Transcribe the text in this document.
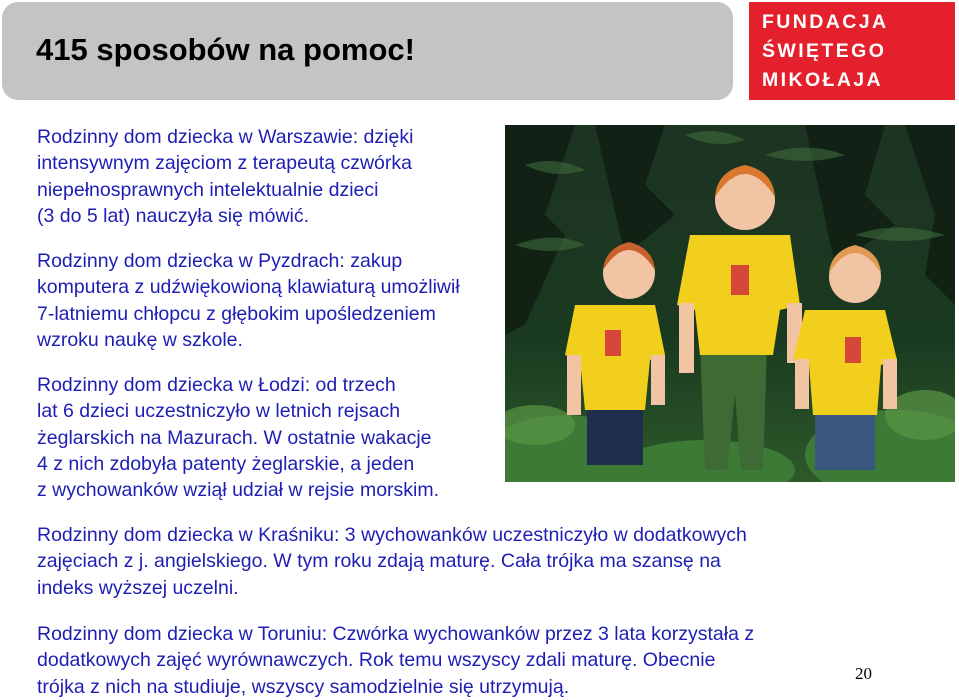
415 sposobów na pomoc!
FUNDACJA
ŚWIĘTEGO
MIKOŁAJA
Rodzinny dom dziecka w Warszawie: dzięki
intensywnym zajęciom z terapeutą czwórka
niepełnosprawnych intelektualnie dzieci
(3 do 5 lat) nauczyła się mówić.
Rodzinny dom dziecka w Pyzdrach: zakup
komputera z udźwiękowioną klawiaturą umożliwił
7-latniemu chłopcu z głębokim upośledzeniem
wzroku naukę w szkole.
Rodzinny dom dziecka w Łodzi: od trzech
lat 6 dzieci uczestniczyło w letnich rejsach
żeglarskich na Mazurach. W ostatnie wakacje
4 z nich zdobyła patenty żeglarskie, a jeden
z wychowanków wziął udział w rejsie morskim.
Rodzinny dom dziecka w Kraśniku: 3 wychowanków uczestniczyło w dodatkowych
zajęciach z j. angielskiego. W tym roku zdają maturę. Cała trójka ma szansę na
indeks wyższej uczelni.
Rodzinny dom dziecka w Toruniu: Czwórka wychowanków przez 3 lata korzystała z
dodatkowych zajęć wyrównawczych. Rok temu wszyscy zdali maturę. Obecnie
trójka z nich na studiuje, wszyscy samodzielnie się utrzymują.
20
